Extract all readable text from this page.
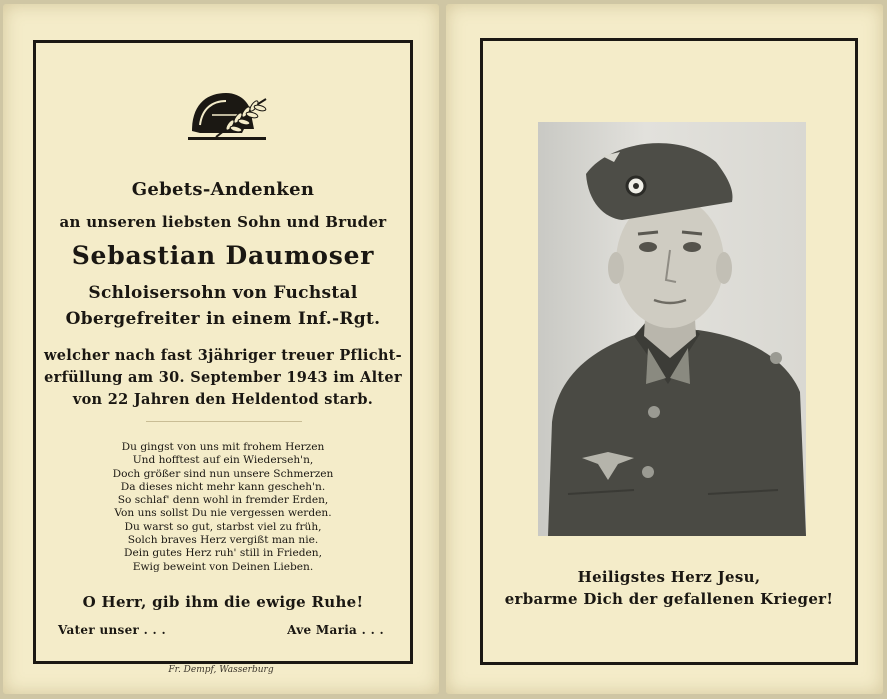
Gebets-Andenken
an unseren liebsten Sohn und Bruder
Sebastian Daumoser
Schloisersohn von Fuchstal
Obergefreiter in einem Inf.-Rgt.
welcher nach fast 3jähriger treuer Pflicht-
erfüllung am 30. September 1943 im Alter
von 22 Jahren den Heldentod starb.
Du gingst von uns mit frohem Herzen
Und hofftest auf ein Wiederseh'n,
Doch größer sind nun unsere Schmerzen
Da dieses nicht mehr kann gescheh'n.
So schlaf' denn wohl in fremder Erden,
Von uns sollst Du nie vergessen werden.
Du warst so gut, starbst viel zu früh,
Solch braves Herz vergißt man nie.
Dein gutes Herz ruh' still in Frieden,
Ewig beweint von Deinen Lieben.
O Herr, gib ihm die ewige Ruhe!
Vater unser . . .	Ave Maria . . .
Fr. Dempf, Wasserburg
Heiligstes Herz Jesu,
erbarme Dich der gefallenen Krieger!
